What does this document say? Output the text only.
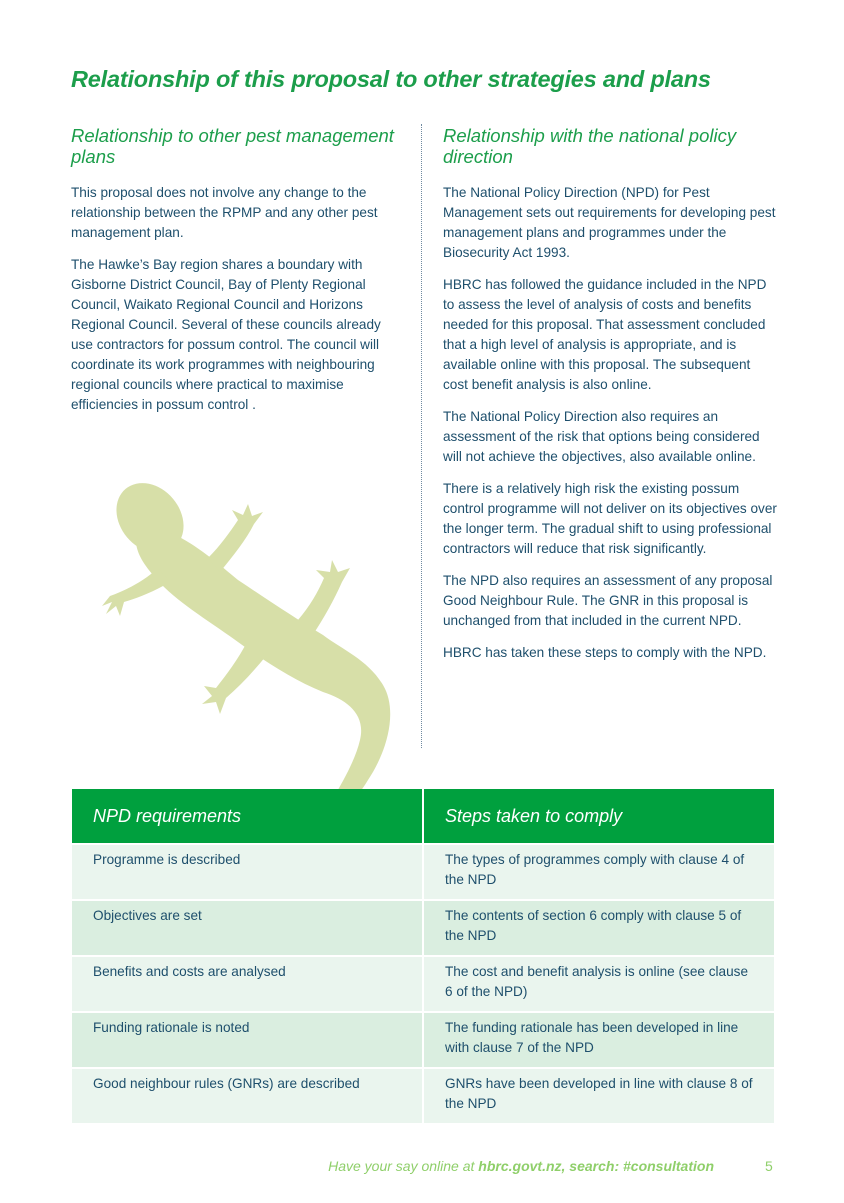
Relationship of this proposal to other strategies and plans
Relationship to other pest management plans

This proposal does not involve any change to the relationship between the RPMP and any other pest management plan.

The Hawke’s Bay region shares a boundary with Gisborne District Council, Bay of Plenty Regional Council, Waikato Regional Council and Horizons Regional Council. Several of these councils already use contractors for possum control. The council will coordinate its work programmes with neighbouring regional councils where practical to maximise efficiencies in possum control .

Relationship with the national policy direction

The National Policy Direction (NPD) for Pest Management sets out requirements for developing pest management plans and programmes under the Biosecurity Act 1993.

HBRC has followed the guidance included in the NPD to assess the level of analysis of costs and benefits needed for this proposal. That assessment concluded that a high level of analysis is appropriate, and is available online with this proposal. The subsequent cost benefit analysis is also online.

The National Policy Direction also requires an assessment of the risk that options being considered will not achieve the objectives, also available online.

There is a relatively high risk the existing possum control programme will not deliver on its objectives over the longer term. The gradual shift to using professional contractors will reduce that risk significantly.

The NPD also requires an assessment of any proposal Good Neighbour Rule. The GNR in this proposal is unchanged from that included in the current NPD.

HBRC has taken these steps to comply with the NPD.

NPD requirements	Steps taken to comply
Programme is described	The types of programmes comply with clause 4 of the NPD
Objectives are set	The contents of section 6 comply with clause 5 of the NPD
Benefits and costs are analysed	The cost and benefit analysis is online (see clause 6 of the NPD)
Funding rationale is noted	The funding rationale has been developed in line with clause 7 of the NPD
Good neighbour rules (GNRs) are described	GNRs have been developed in line with clause 8 of the NPD
Have your say online at hbrc.govt.nz, search: #consultation	5
